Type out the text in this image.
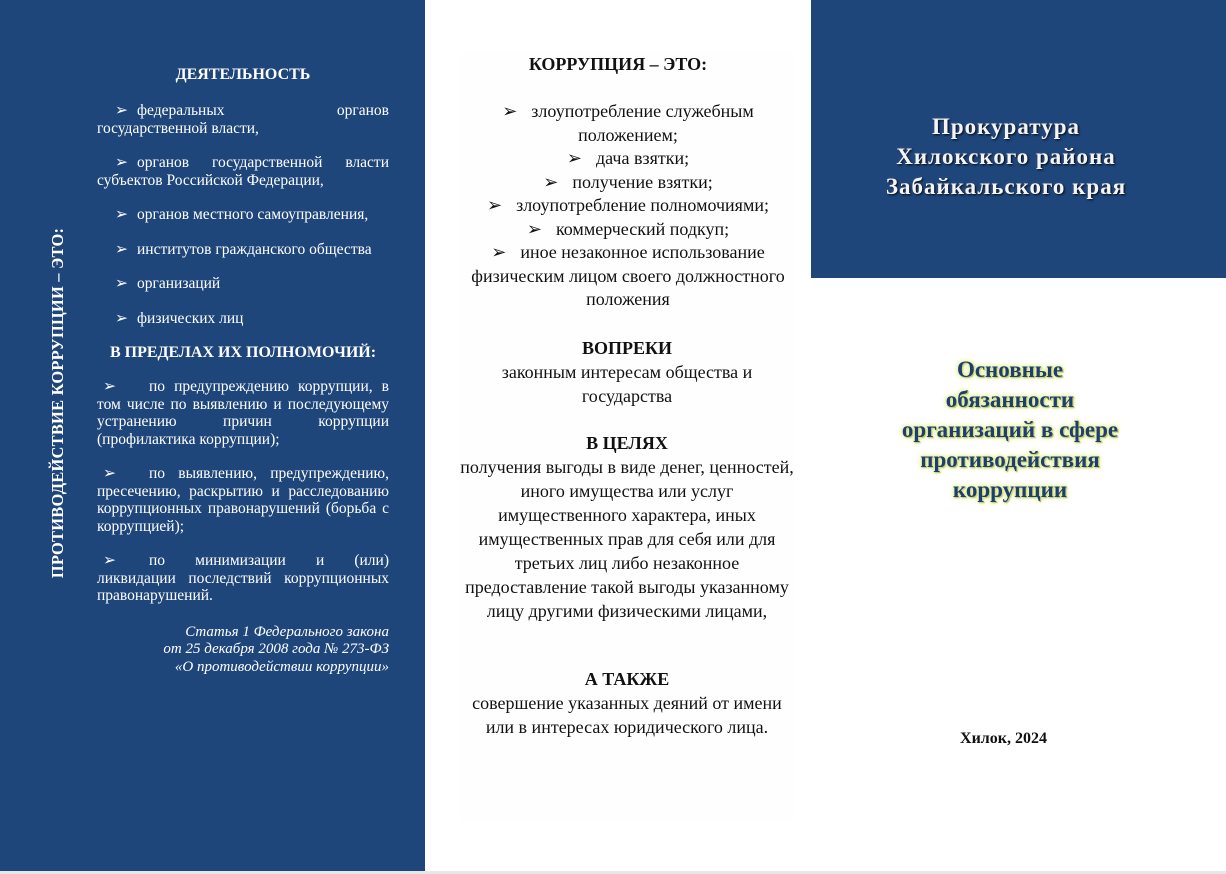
ПРОТИВОДЕЙСТВИЕ КОРРУПЦИИ – ЭТО:
ДЕЯТЕЛЬНОСТЬ
➢ федеральных органов государственной власти,
➢ органов государственной власти субъектов Российской Федерации,
➢ органов местного самоуправления,
➢ институтов гражданского общества
➢ организаций
➢ физических лиц
В ПРЕДЕЛАХ ИХ ПОЛНОМОЧИЙ:
➢ по предупреждению коррупции, в том числе по выявлению и последующему устранению причин коррупции (профилактика коррупции);
➢ по выявлению, предупреждению, пресечению, раскрытию и расследованию коррупционных правонарушений (борьба с коррупцией);
➢ по минимизации и (или) ликвидации последствий коррупционных правонарушений.
Статья 1 Федерального закона
от 25 декабря 2008 года № 273-ФЗ
«О противодействии коррупции»
КОРРУПЦИЯ – ЭТО:
➢ злоупотребление служебным положением;
➢ дача взятки;
➢ получение взятки;
➢ злоупотребление полномочиями;
➢ коммерческий подкуп;
➢ иное незаконное использование физическим лицом своего должностного положения
ВОПРЕКИ
законным интересам общества и государства
В ЦЕЛЯХ
получения выгоды в виде денег, ценностей, иного имущества или услуг имущественного характера, иных имущественных прав для себя или для третьих лиц либо незаконное предоставление такой выгоды указанному лицу другими физическими лицами,
А ТАКЖЕ
совершение указанных деяний от имени или в интересах юридического лица.
Прокуратура
Хилокского района
Забайкальского края
Основные
обязанности
организаций в сфере
противодействия
коррупции
Хилок, 2024
